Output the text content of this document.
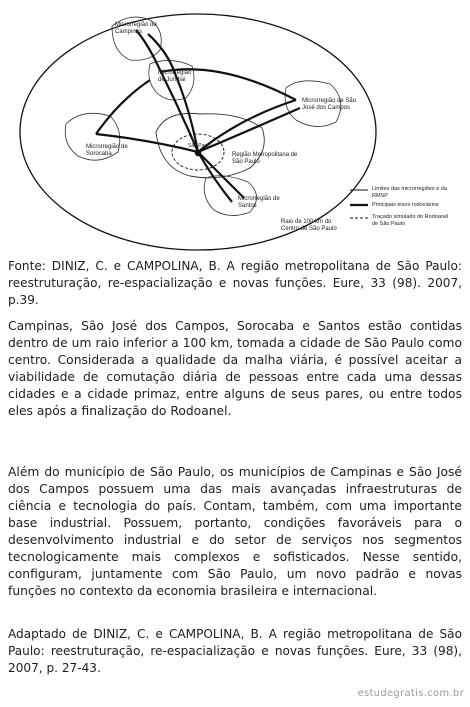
Microrregião de Campinas
Microrregião de Jundiaí
Microrregião de São José dos Campos
Microrregião de Sorocaba
São Paulo
Região Metropolitana de São Paulo
Microrregião de Santos
Raio de 100 km do Centro de São Paulo
Limites das microrregiões e da RMSP
Principais eixos rodoviários
Traçado simulado do Rodoanel de São Paulo
Fonte: DINIZ, C. e CAMPOLINA, B. A região metropolitana de São Paulo: reestruturação, re-espacialização e novas funções. Eure, 33 (98). 2007, p.39.
Campinas, São José dos Campos, Sorocaba e Santos estão contidas dentro de um raio inferior a 100 km, tomada a cidade de São Paulo como centro. Considerada a qualidade da malha viária, é possível aceitar a viabilidade de comutação diária de pessoas entre cada uma dessas cidades e a cidade primaz, entre alguns de seus pares, ou entre todos eles após a finalização do Rodoanel.
Além do município de São Paulo, os municípios de Campinas e São José dos Campos possuem uma das mais avançadas infraestruturas de ciência e tecnologia do país. Contam, também, com uma importante base industrial. Possuem, portanto, condições favoráveis para o desenvolvimento industrial e do setor de serviços nos segmentos tecnologicamente mais complexos e sofisticados. Nesse sentido, configuram, juntamente com São Paulo, um novo padrão e novas funções no contexto da economia brasileira e internacional.
Adaptado de DINIZ, C. e CAMPOLINA, B. A região metropolitana de São Paulo: reestruturação, re-espacialização e novas funções. Eure, 33 (98), 2007, p. 27-43.
estudegratis.com.br
